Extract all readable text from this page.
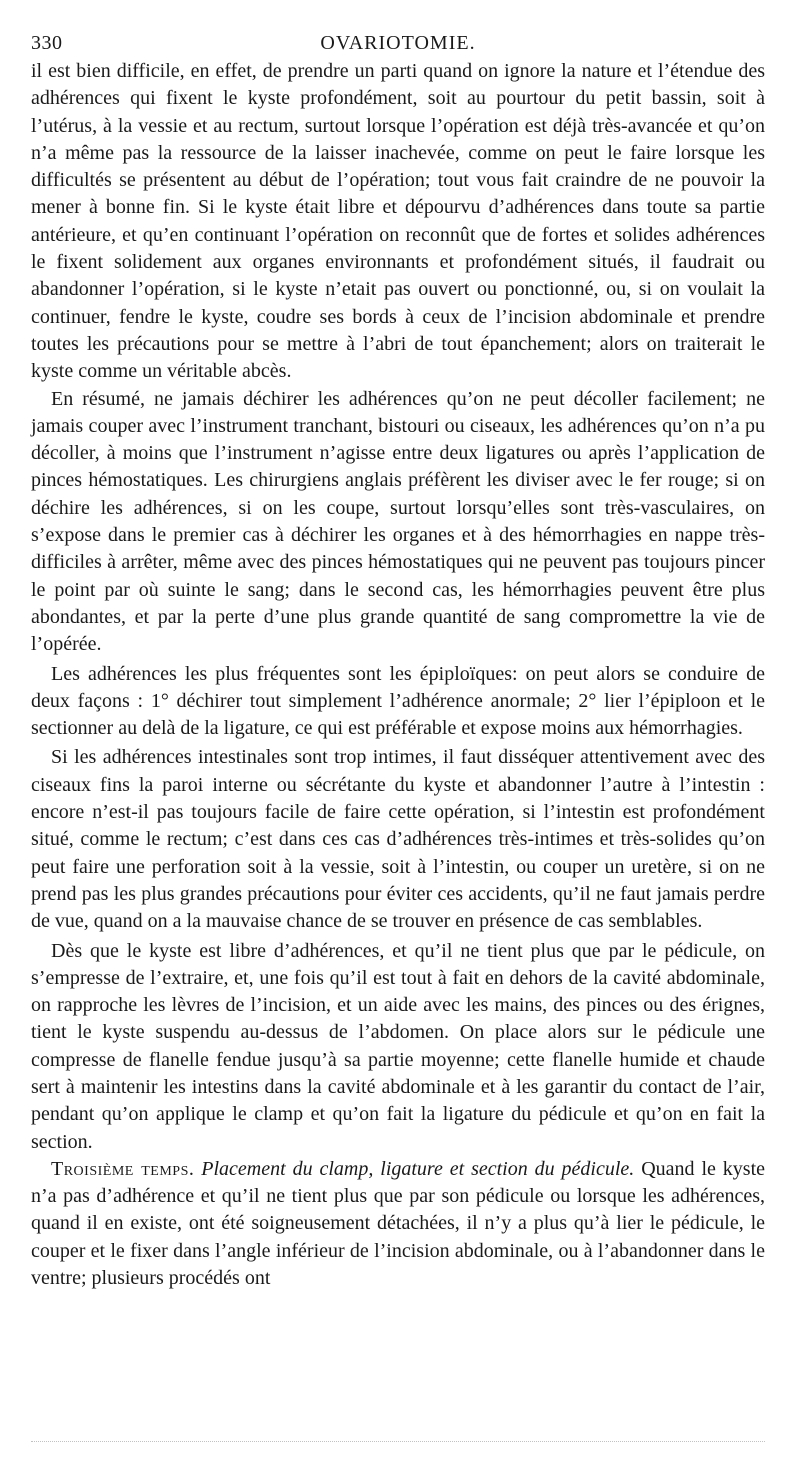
330	OVARIOTOMIE.

il est bien difficile, en effet, de prendre un parti quand on ignore la nature et l’étendue des adhérences qui fixent le kyste profondément, soit au pourtour du petit bassin, soit à l’utérus, à la vessie et au rectum, surtout lorsque l’opération est déjà très-avancée et qu’on n’a même pas la ressource de la laisser inachevée, comme on peut le faire lorsque les difficultés se présentent au début de l’opération; tout vous fait craindre de ne pouvoir la mener à bonne fin. Si le kyste était libre et dépourvu d’adhérences dans toute sa partie antérieure, et qu’en continuant l’opération on reconnût que de fortes et solides adhérences le fixent solidement aux organes environnants et profondément situés, il faudrait ou abandonner l’opération, si le kyste n’etait pas ouvert ou ponctionné, ou, si on voulait la continuer, fendre le kyste, coudre ses bords à ceux de l’incision abdominale et prendre toutes les précautions pour se mettre à l’abri de tout épanchement; alors on traiterait le kyste comme un véritable abcès.

En résumé, ne jamais déchirer les adhérences qu’on ne peut décoller facilement; ne jamais couper avec l’instrument tranchant, bistouri ou ciseaux, les adhérences qu’on n’a pu décoller, à moins que l’instrument n’agisse entre deux ligatures ou après l’application de pinces hémostatiques. Les chirurgiens anglais préfèrent les diviser avec le fer rouge; si on déchire les adhérences, si on les coupe, surtout lorsqu’elles sont très-vasculaires, on s’expose dans le premier cas à déchirer les organes et à des hémorrhagies en nappe très-difficiles à arrêter, même avec des pinces hémostatiques qui ne peuvent pas toujours pincer le point par où suinte le sang; dans le second cas, les hémorrhagies peuvent être plus abondantes, et par la perte d’une plus grande quantité de sang compromettre la vie de l’opérée.

Les adhérences les plus fréquentes sont les épiploïques: on peut alors se conduire de deux façons : 1° déchirer tout simplement l’adhérence anormale; 2° lier l’épiploon et le sectionner au delà de la ligature, ce qui est préférable et expose moins aux hémorrhagies.

Si les adhérences intestinales sont trop intimes, il faut disséquer attentivement avec des ciseaux fins la paroi interne ou sécrétante du kyste et abandonner l’autre à l’intestin : encore n’est-il pas toujours facile de faire cette opération, si l’intestin est profondément situé, comme le rectum; c’est dans ces cas d’adhérences très-intimes et très-solides qu’on peut faire une perforation soit à la vessie, soit à l’intestin, ou couper un uretère, si on ne prend pas les plus grandes précautions pour éviter ces accidents, qu’il ne faut jamais perdre de vue, quand on a la mauvaise chance de se trouver en présence de cas semblables.

Dès que le kyste est libre d’adhérences, et qu’il ne tient plus que par le pédicule, on s’empresse de l’extraire, et, une fois qu’il est tout à fait en dehors de la cavité abdominale, on rapproche les lèvres de l’incision, et un aide avec les mains, des pinces ou des érignes, tient le kyste suspendu au-dessus de l’abdomen. On place alors sur le pédicule une compresse de flanelle fendue jusqu’à sa partie moyenne; cette flanelle humide et chaude sert à maintenir les intestins dans la cavité abdominale et à les garantir du contact de l’air, pendant qu’on applique le clamp et qu’on fait la ligature du pédicule et qu’on en fait la section.

Troisième temps. Placement du clamp, ligature et section du pédicule. Quand le kyste n’a pas d’adhérence et qu’il ne tient plus que par son pédicule ou lorsque les adhérences, quand il en existe, ont été soigneusement détachées, il n’y a plus qu’à lier le pédicule, le couper et le fixer dans l’angle inférieur de l’incision abdominale, ou à l’abandonner dans le ventre; plusieurs procédés ont
